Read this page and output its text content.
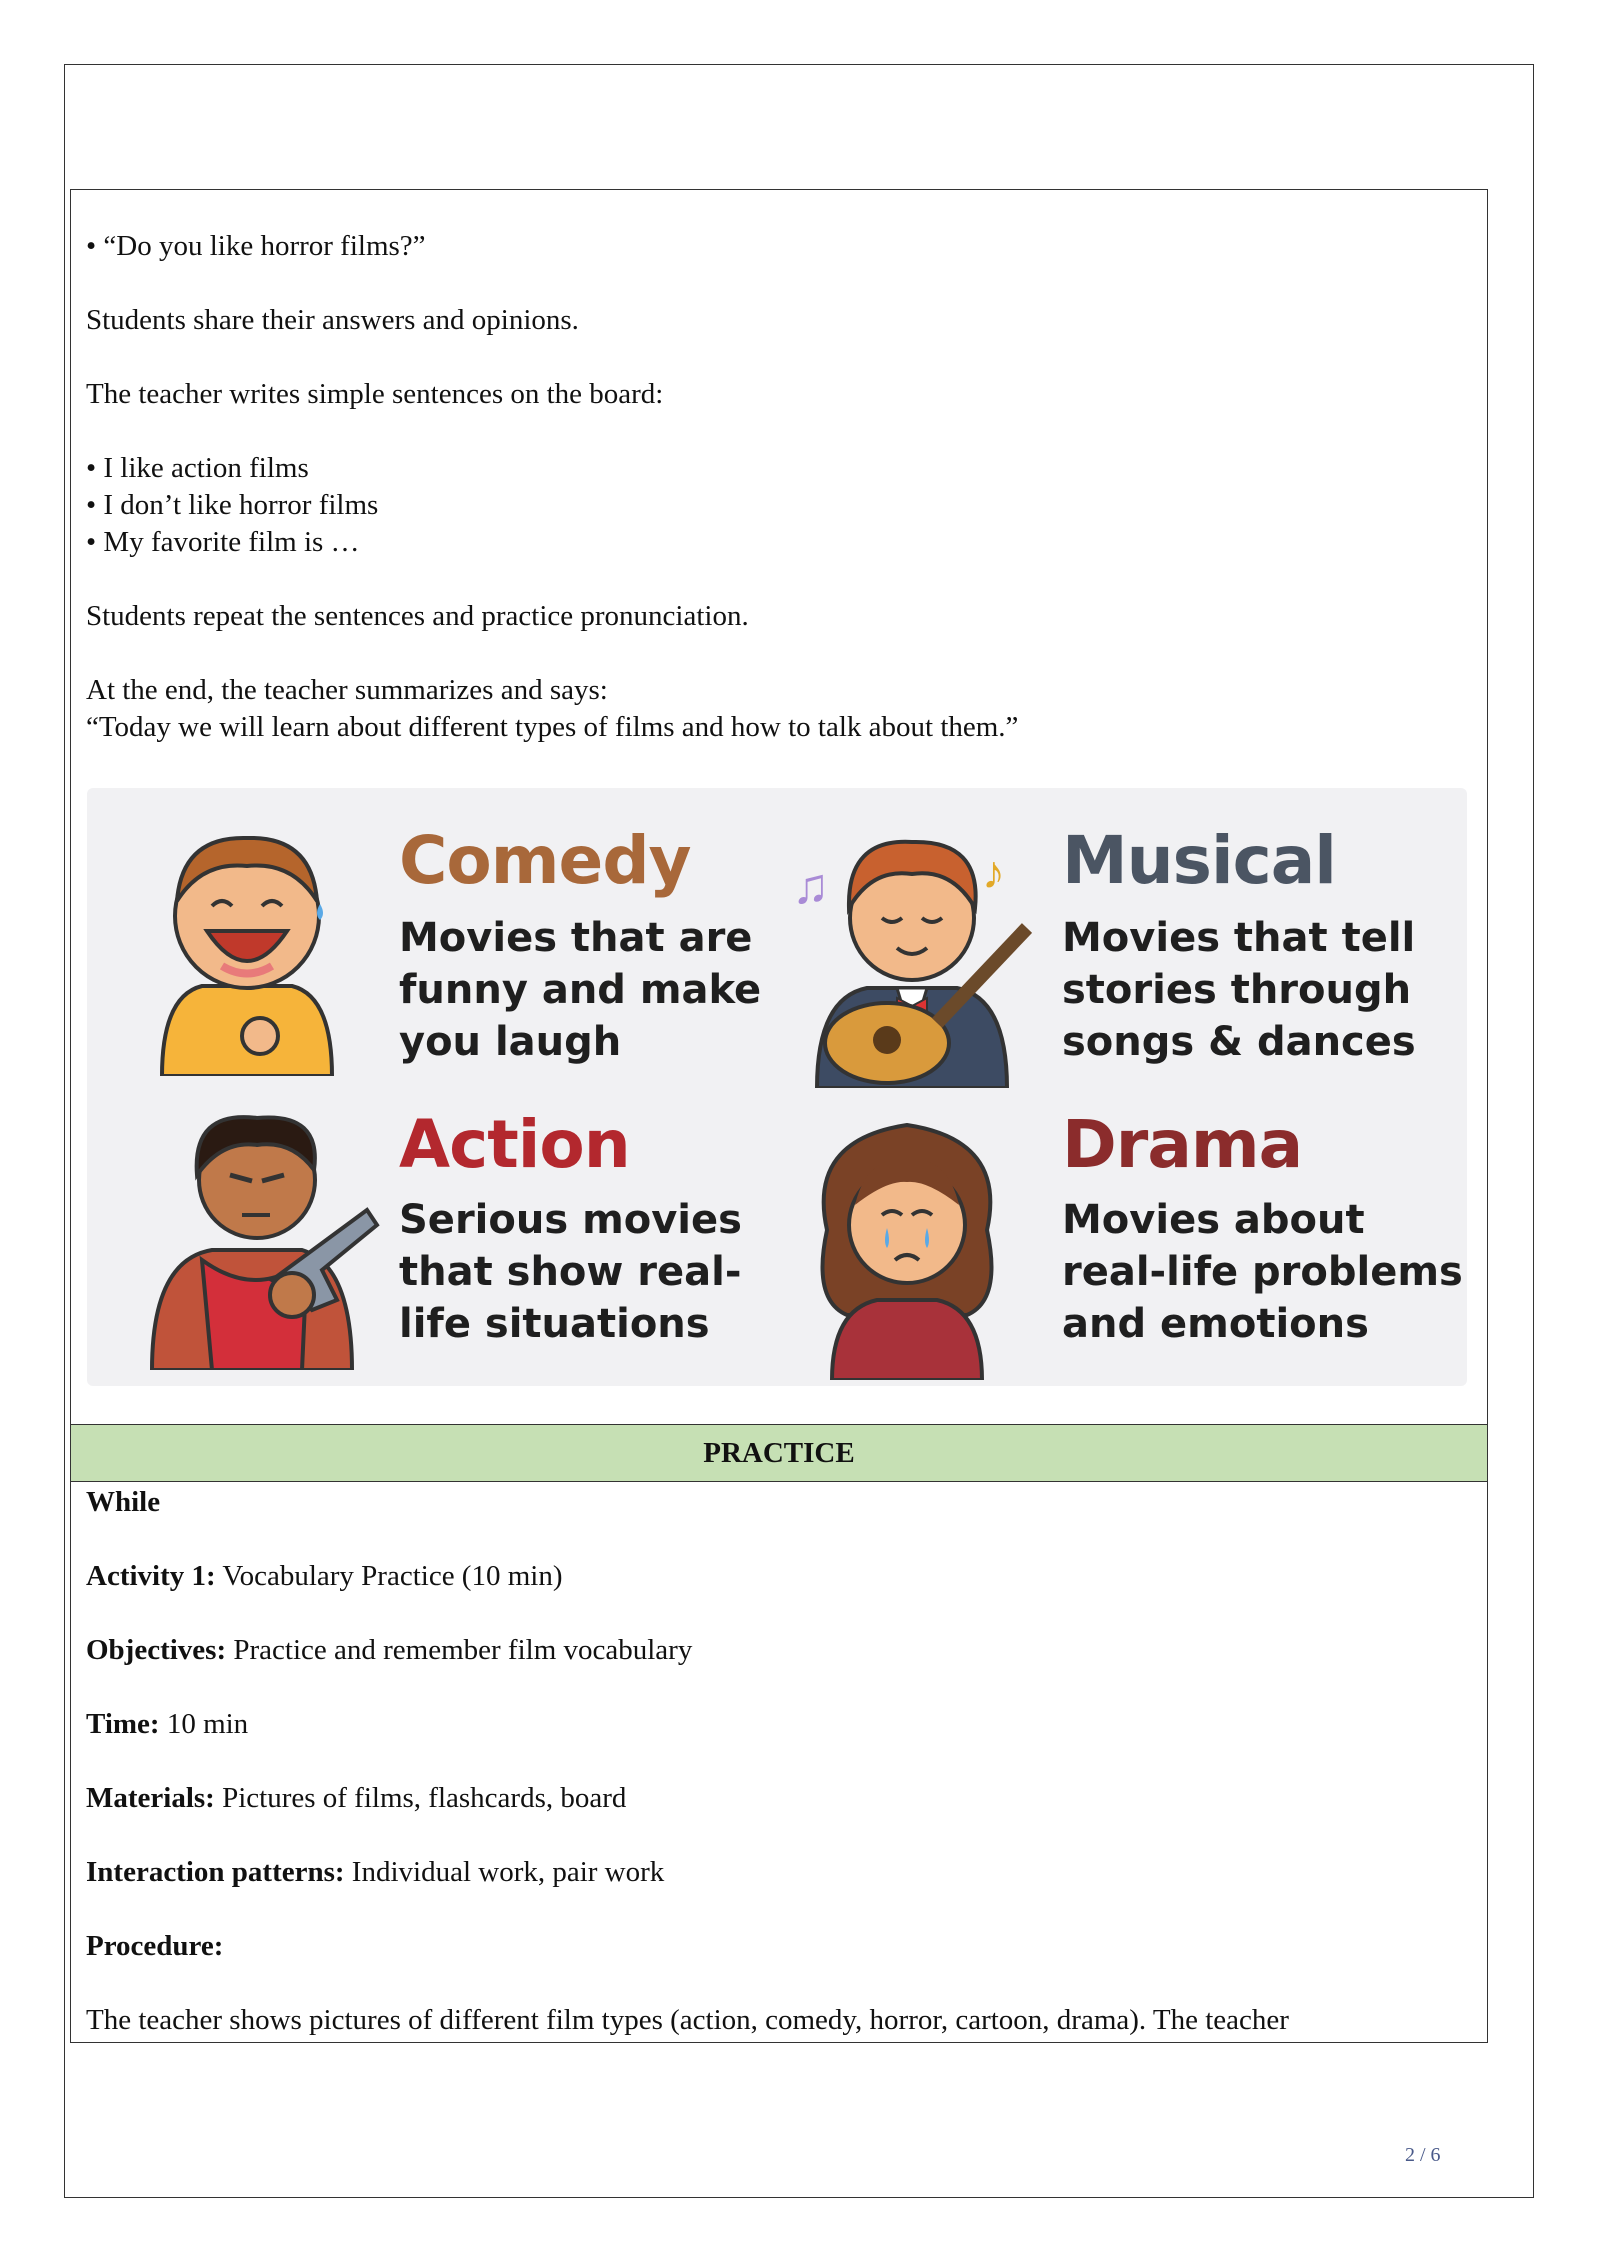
• “Do you like horror films?”

Students share their answers and opinions.

The teacher writes simple sentences on the board:

• I like action films

• I don’t like horror films

• My favorite film is …

Students repeat the sentences and practice pronunciation.

At the end, the teacher summarizes and says:

“Today we will learn about different types of films and how to talk about them.”

Comedy
Movies that are
funny and make
you laugh
♫	♪ Musical
Movies that tell
stories through
songs & dances
Action
Serious movies
that show real-
life situations
Drama
Movies about
real-life problems
and emotions
PRACTICE

While

Activity 1: Vocabulary Practice (10 min)

Objectives: Practice and remember film vocabulary

Time: 10 min

Materials: Pictures of films, flashcards, board

Interaction patterns: Individual work, pair work

Procedure:

The teacher shows pictures of different film types (action, comedy, horror, cartoon, drama). The teacher

2 / 6
